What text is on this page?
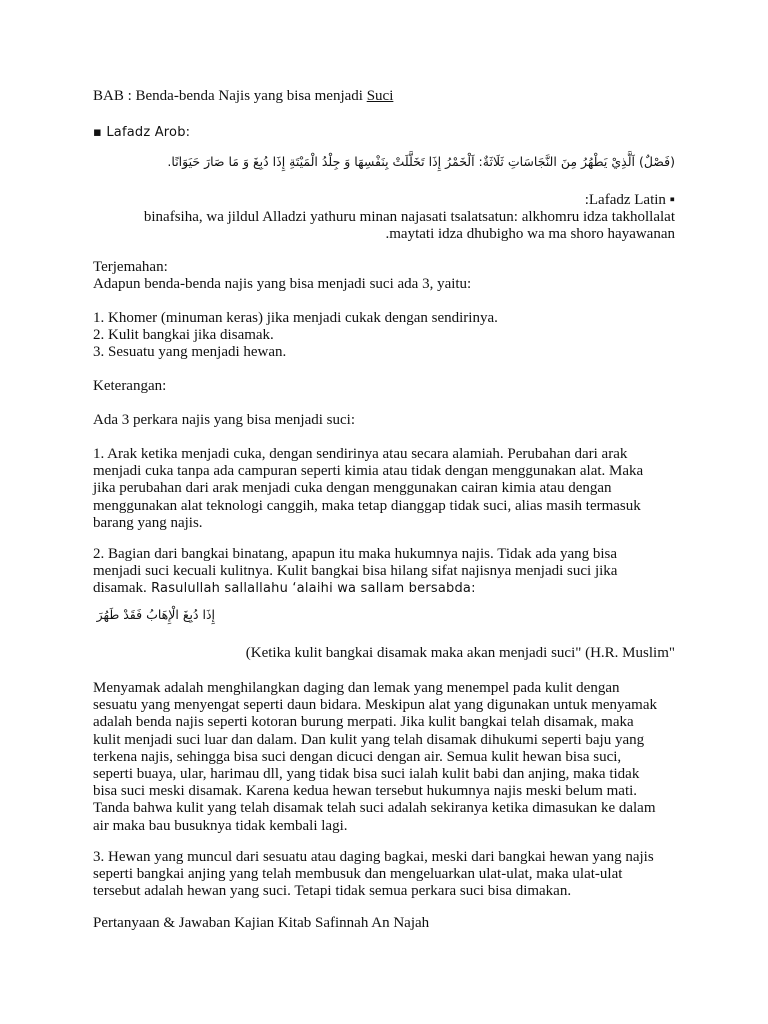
BAB : Benda-benda Najis yang bisa menjadi Suci
▪ Lafadz Arob:
(فَصْلٌ) اَلَّذِيْ يَطْهُرُ مِنَ النَّجَاسَاتِ ثَلَاثَةٌ: اَلْخَمْرُ إِذَا تَخَلَّلَتْ بِنَفْسِهَا وَ جِلْدُ الْمَيْتَةِ إِذَا دُبِغَ وَ مَا صَارَ حَيَوَانًا.
:Lafadz Latin ▪
binafsiha, wa jildul Alladzi yathuru minan najasati tsalatsatun: alkhomru idza takhollalat
.maytati idza dhubigho wa ma shoro hayawanan
Terjemahan:
Adapun benda-benda najis yang bisa menjadi suci ada 3, yaitu:
1. Khomer (minuman keras) jika menjadi cukak dengan sendirinya.
2. Kulit bangkai jika disamak.
3. Sesuatu yang menjadi hewan.
Keterangan:
Ada 3 perkara najis yang bisa menjadi suci:
1. Arak ketika menjadi cuka, dengan sendirinya atau secara alamiah. Perubahan dari arak
menjadi cuka tanpa ada campuran seperti kimia atau tidak dengan menggunakan alat. Maka
jika perubahan dari arak menjadi cuka dengan menggunakan cairan kimia atau dengan
menggunakan alat teknologi canggih, maka tetap dianggap tidak suci, alias masih termasuk
barang yang najis.
2. Bagian dari bangkai binatang, apapun itu maka hukumnya najis. Tidak ada yang bisa
menjadi suci kecuali kulitnya. Kulit bangkai bisa hilang sifat najisnya menjadi suci jika
disamak. Rasulullah sallallahu ‘alaihi wa sallam bersabda:
إِذَا دُبِغَ الْإِهَابُ فَقَدْ طَهُرَ
(Ketika kulit bangkai disamak maka akan menjadi suci" (H.R. Muslim"
Menyamak adalah menghilangkan daging dan lemak yang menempel pada kulit dengan
sesuatu yang menyengat seperti daun bidara. Meskipun alat yang digunakan untuk menyamak
adalah benda najis seperti kotoran burung merpati. Jika kulit bangkai telah disamak, maka
kulit menjadi suci luar dan dalam. Dan kulit yang telah disamak dihukumi seperti baju yang
terkena najis, sehingga bisa suci dengan dicuci dengan air. Semua kulit hewan bisa suci,
seperti buaya, ular, harimau dll, yang tidak bisa suci ialah kulit babi dan anjing, maka tidak
bisa suci meski disamak. Karena kedua hewan tersebut hukumnya najis meski belum mati.
Tanda bahwa kulit yang telah disamak telah suci adalah sekiranya ketika dimasukan ke dalam
air maka bau busuknya tidak kembali lagi.
3. Hewan yang muncul dari sesuatu atau daging bagkai, meski dari bangkai hewan yang najis
seperti bangkai anjing yang telah membusuk dan mengeluarkan ulat-ulat, maka ulat-ulat
tersebut adalah hewan yang suci. Tetapi tidak semua perkara suci bisa dimakan.
Pertanyaan & Jawaban Kajian Kitab Safinnah An Najah
